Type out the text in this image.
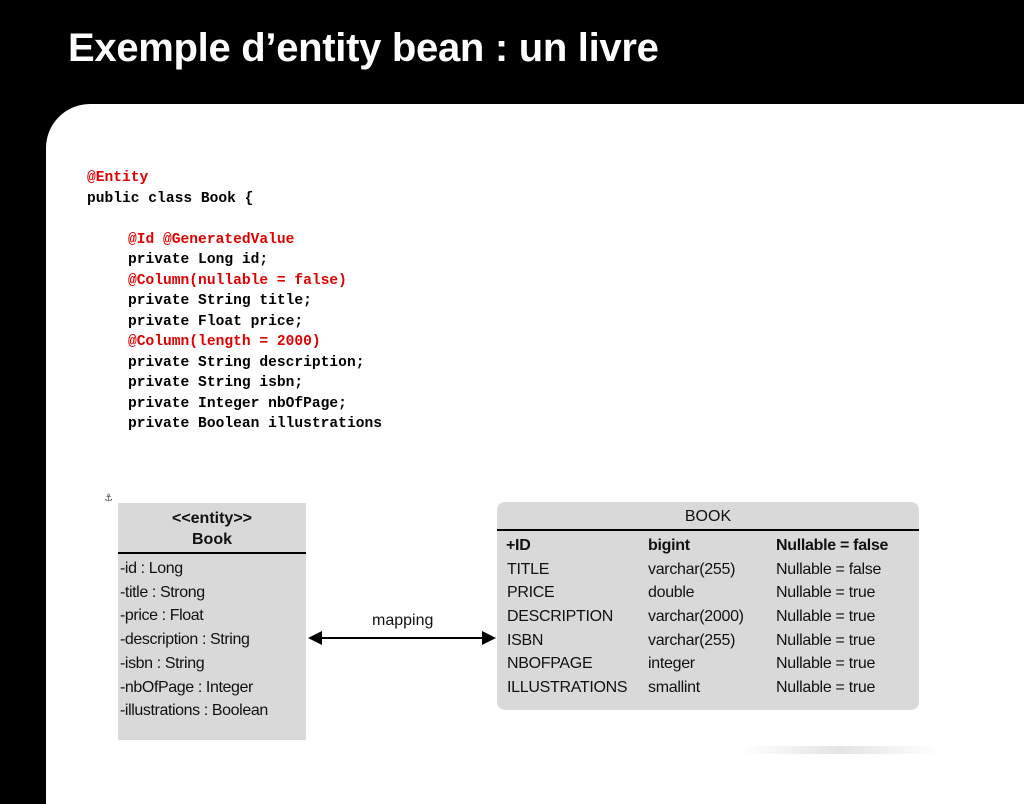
Exemple d’entity bean : un livre
@Entity
public class Book {
@Id @GeneratedValue
private Long id;
@Column(nullable = false)
private String title;
private Float price;
@Column(length = 2000)
private String description;
private String isbn;
private Integer nbOfPage;
private Boolean illustrations
⚓
<<entity>>
Book
-id : Long
-title : Strong
-price : Float
-description : String
-isbn : String
-nbOfPage : Integer
-illustrations : Boolean
mapping
BOOK
+ID	bigint	Nullable = false
TITLE	varchar(255)	Nullable = false
PRICE	double	Nullable = true
DESCRIPTION	varchar(2000)	Nullable = true
ISBN	varchar(255)	Nullable = true
NBOFPAGE	integer	Nullable = true
ILLUSTRATIONS	smallint	Nullable = true
